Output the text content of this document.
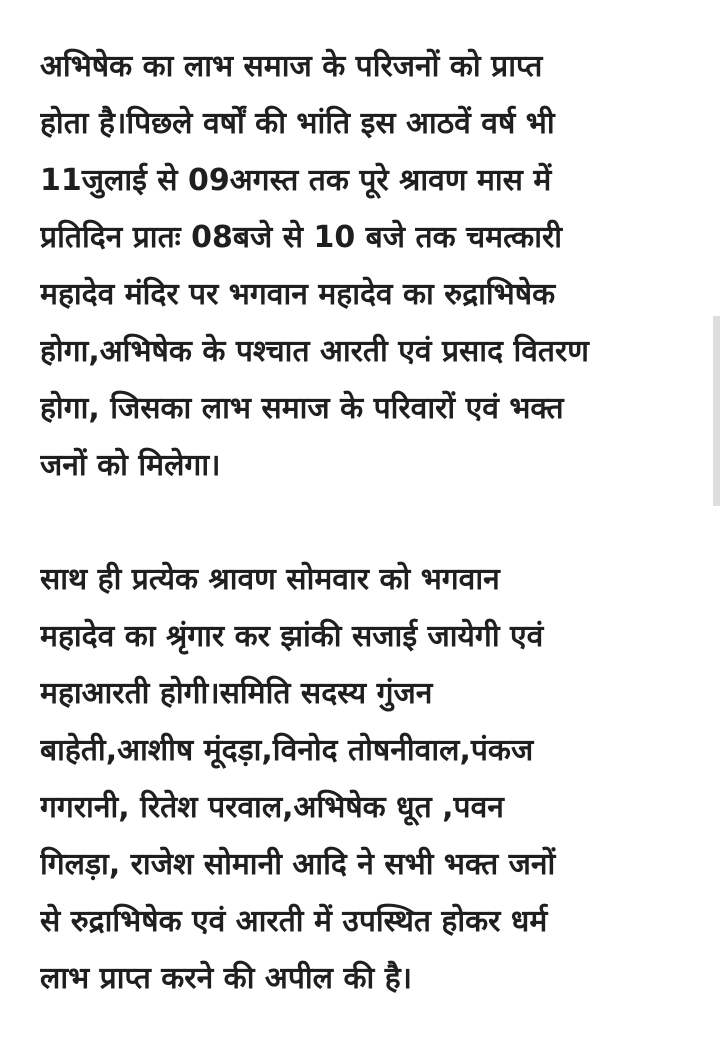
अभिषेक का लाभ समाज के परिजनों को प्राप्त
होता है।पिछले वर्षों की भांति इस आठवें वर्ष भी
11जुलाई से 09अगस्त तक पूरे श्रावण मास में
प्रतिदिन प्रातः 08बजे से 10 बजे तक चमत्कारी
महादेव मंदिर पर भगवान महादेव का रुद्राभिषेक
होगा,अभिषेक के पश्चात आरती एवं प्रसाद वितरण
होगा, जिसका लाभ समाज के परिवारों एवं भक्त
जनों को मिलेगा।

साथ ही प्रत्येक श्रावण सोमवार को भगवान
महादेव का श्रृंगार कर झांकी सजाई जायेगी एवं
महाआरती होगी।समिति सदस्य गुंजन
बाहेती,आशीष मूंदड़ा,विनोद तोषनीवाल,पंकज
गगरानी, रितेश परवाल,अभिषेक धूत ,पवन
गिलड़ा, राजेश सोमानी आदि ने सभी भक्त जनों
से रुद्राभिषेक एवं आरती में उपस्थित होकर धर्म
लाभ प्राप्त करने की अपील की है।
